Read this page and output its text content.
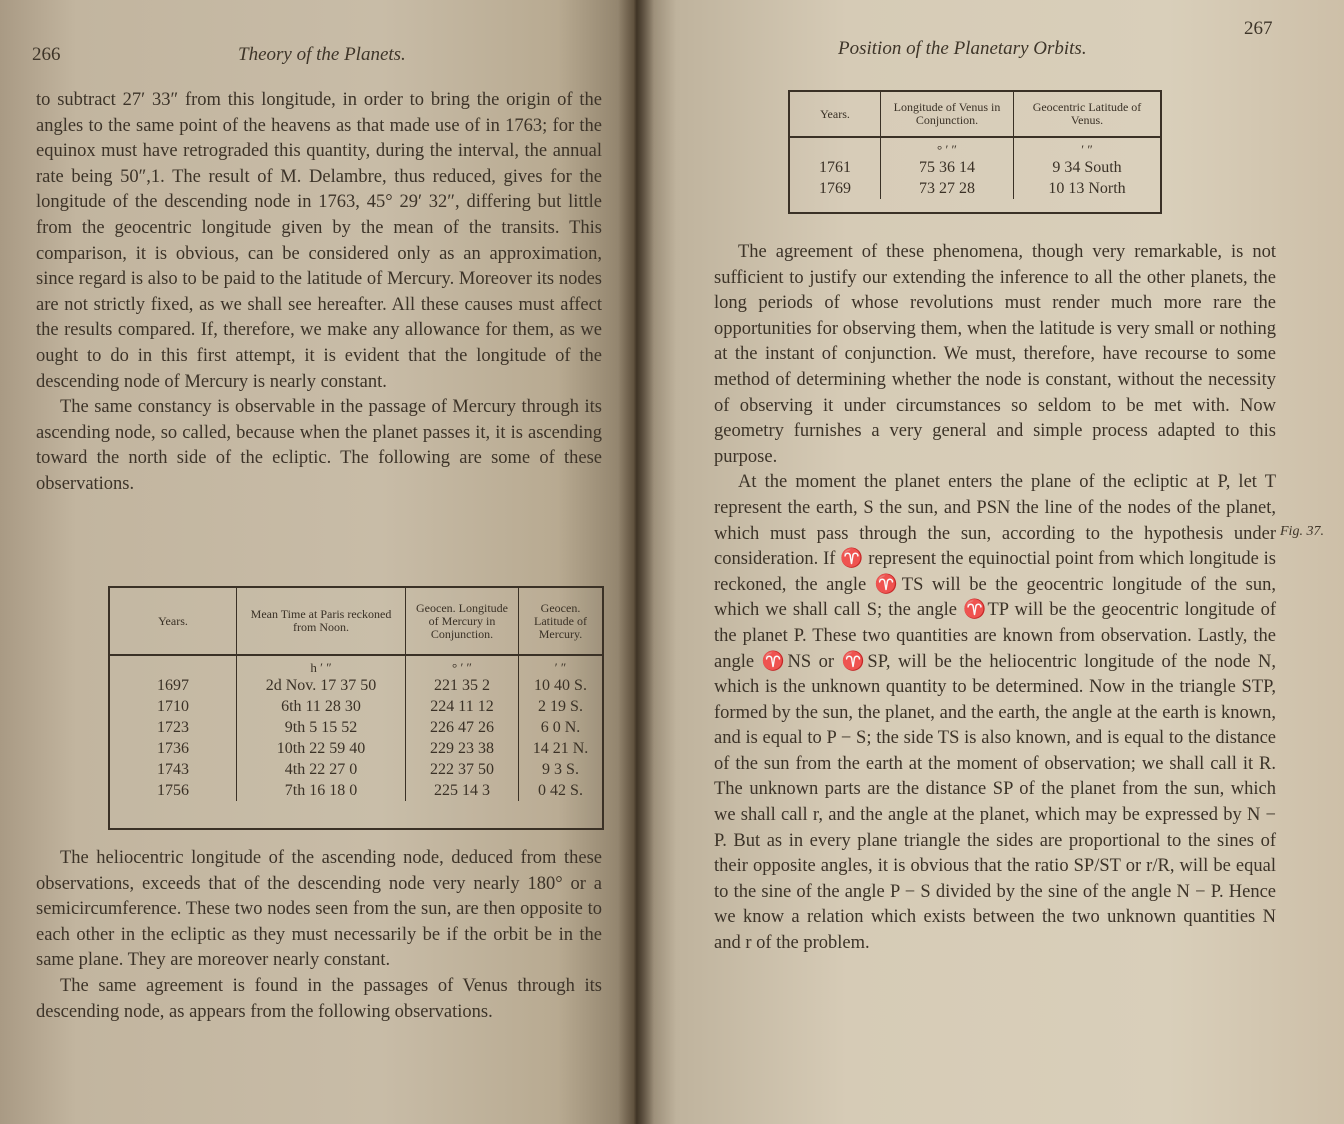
266	Theory of the Planets.

to subtract 27′ 33″ from this longitude, in order to bring the origin of the angles to the same point of the heavens as that made use of in 1763; for the equinox must have retrograded this quantity, during the interval, the annual rate being 50″,1. The result of M. Delambre, thus reduced, gives for the longitude of the descending node in 1763, 45° 29′ 32″, differing but little from the geocentric longitude given by the mean of the transits. This comparison, it is obvious, can be considered only as an approximation, since regard is also to be paid to the latitude of Mercury. Moreover its nodes are not strictly fixed, as we shall see hereafter. All these causes must affect the results compared. If, therefore, we make any allowance for them, as we ought to do in this first attempt, it is evident that the longitude of the descending node of Mercury is nearly constant.

The same constancy is observable in the passage of Mercury through its ascending node, so called, because when the planet passes it, it is ascending toward the north side of the ecliptic. The following are some of these observations.

Years.	Mean Time at Paris reckoned from Noon.	Geocen. Longitude of Mercury in Conjunction.	Geocen. Latitude of Mercury.
	h ′ ″	° ′ ″	′ ″
1697	2d Nov. 17 37 50	221 35 2	10 40 S.
1710	6th 11 28 30	224 11 12	2 19 S.
1723	9th 5 15 52	226 47 26	6 0 N.
1736	10th 22 59 40	229 23 38	14 21 N.
1743	4th 22 27 0	222 37 50	9 3 S.
1756	7th 16 18 0	225 14 3	0 42 S.

The heliocentric longitude of the ascending node, deduced from these observations, exceeds that of the descending node very nearly 180° or a semicircumference. These two nodes seen from the sun, are then opposite to each other in the ecliptic as they must necessarily be if the orbit be in the same plane. They are moreover nearly constant.

The same agreement is found in the passages of Venus through its descending node, as appears from the following observations.

267
Position of the Planetary Orbits.
Years.	Longitude of Venus in Conjunction.	Geocentric Latitude of Venus.
	° ′ ″	′ ″
1761	75 36 14	9 34 South
1769	73 27 28	10 13 North

The agreement of these phenomena, though very remarkable, is not sufficient to justify our extending the inference to all the other planets, the long periods of whose revolutions must render much more rare the opportunities for observing them, when the latitude is very small or nothing at the instant of conjunction. We must, therefore, have recourse to some method of determining whether the node is constant, without the necessity of observing it under circumstances so seldom to be met with. Now geometry furnishes a very general and simple process adapted to this purpose.

At the moment the planet enters the plane of the ecliptic at P, let T represent the earth, S the sun, and PSN the line of the nodes of the planet, which must pass through the sun, according to the hypothesis under consideration. If ♈ represent the equinoctial point from which longitude is reckoned, the angle ♈TS will be the geocentric longitude of the sun, which we shall call S; the angle ♈TP will be the geocentric longitude of the planet P. These two quantities are known from observation. Lastly, the angle ♈NS or ♈SP, will be the heliocentric longitude of the node N, which is the unknown quantity to be determined. Now in the triangle STP, formed by the sun, the planet, and the earth, the angle at the earth is known, and is equal to P − S; the side TS is also known, and is equal to the distance of the sun from the earth at the moment of observation; we shall call it R. The unknown parts are the distance SP of the planet from the sun, which we shall call r, and the angle at the planet, which may be expressed by N − P. But as in every plane triangle the sides are proportional to the sines of their opposite angles, it is obvious that the ratio SP/ST or r/R, will be equal to the sine of the angle P − S divided by the sine of the angle N − P. Hence we know a relation which exists between the two unknown quantities N and r of the problem.

Fig. 37.
